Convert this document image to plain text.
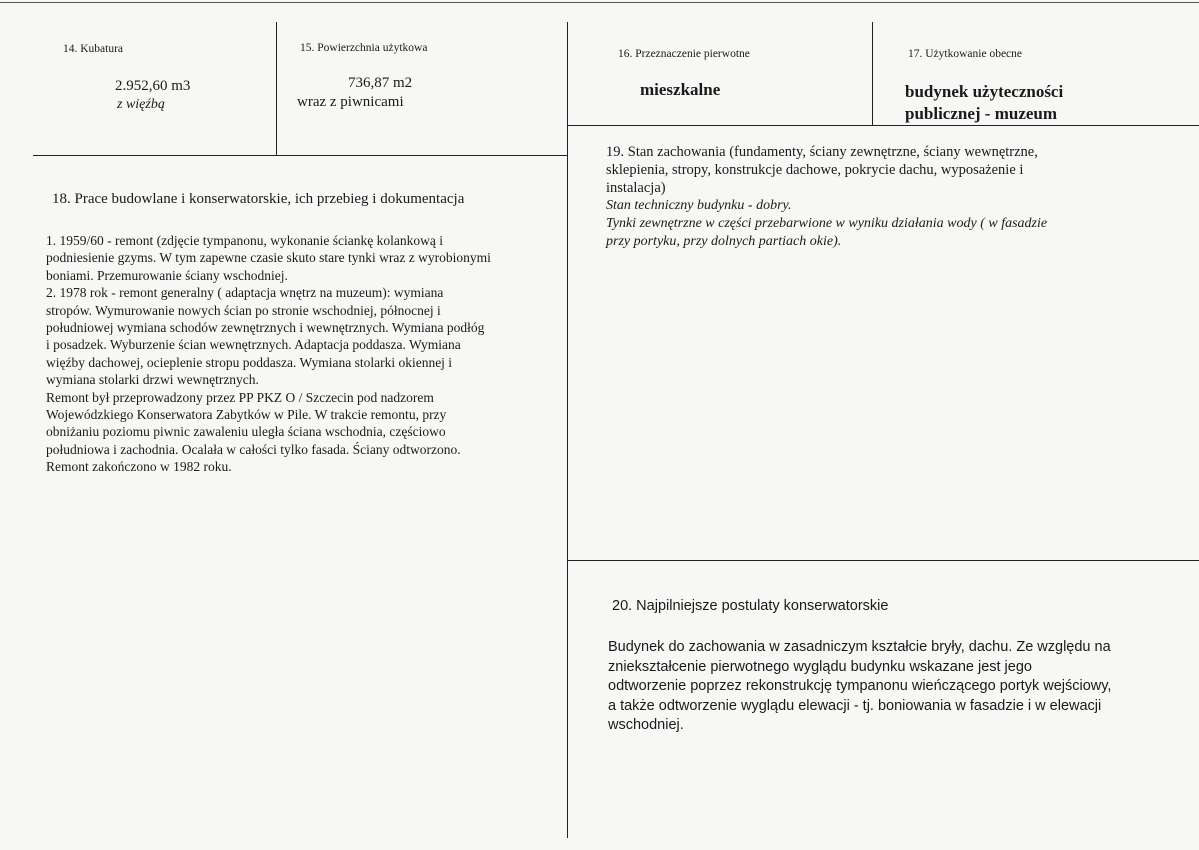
14. Kubatura
2.952,60 m3
z więźbą
15. Powierzchnia użytkowa
736,87 m2
wraz z piwnicami
16. Przeznaczenie pierwotne
mieszkalne
17. Użytkowanie obecne
budynek użyteczności
publicznej - muzeum
18. Prace budowlane i konserwatorskie, ich przebieg i dokumentacja
1. 1959/60 - remont (zdjęcie tympanonu, wykonanie ściankę kolankową i
podniesienie gzyms. W tym zapewne czasie skuto stare tynki wraz z wyrobionymi
boniami. Przemurowanie ściany wschodniej.
2. 1978 rok - remont generalny ( adaptacja wnętrz na muzeum): wymiana
stropów. Wymurowanie nowych ścian po stronie wschodniej, północnej i
południowej wymiana schodów zewnętrznych i wewnętrznych. Wymiana podłóg
i posadzek. Wyburzenie ścian wewnętrznych. Adaptacja poddasza. Wymiana
więźby dachowej, ocieplenie stropu poddasza. Wymiana stolarki okiennej i
wymiana stolarki drzwi wewnętrznych.
Remont był przeprowadzony przez PP PKZ O / Szczecin pod nadzorem
Wojewódzkiego Konserwatora Zabytków w Pile. W trakcie remontu, przy
obniżaniu poziomu piwnic zawaleniu uległa ściana wschodnia, częściowo
południowa i zachodnia. Ocalała w całości tylko fasada. Ściany odtworzono.
Remont zakończono w 1982 roku.
19. Stan zachowania (fundamenty, ściany zewnętrzne, ściany wewnętrzne,
sklepienia, stropy, konstrukcje dachowe, pokrycie dachu, wyposażenie i
instalacja)
Stan techniczny budynku - dobry.
Tynki zewnętrzne w części przebarwione w wyniku działania wody ( w fasadzie
przy portyku, przy dolnych partiach okie).
20. Najpilniejsze postulaty konserwatorskie
Budynek do zachowania w zasadniczym kształcie bryły, dachu. Ze względu na
zniekształcenie pierwotnego wyglądu budynku wskazane jest jego
odtworzenie poprzez rekonstrukcję tympanonu wieńczącego portyk wejściowy,
a także odtworzenie wyglądu elewacji - tj. boniowania w fasadzie i w elewacji
wschodniej.
